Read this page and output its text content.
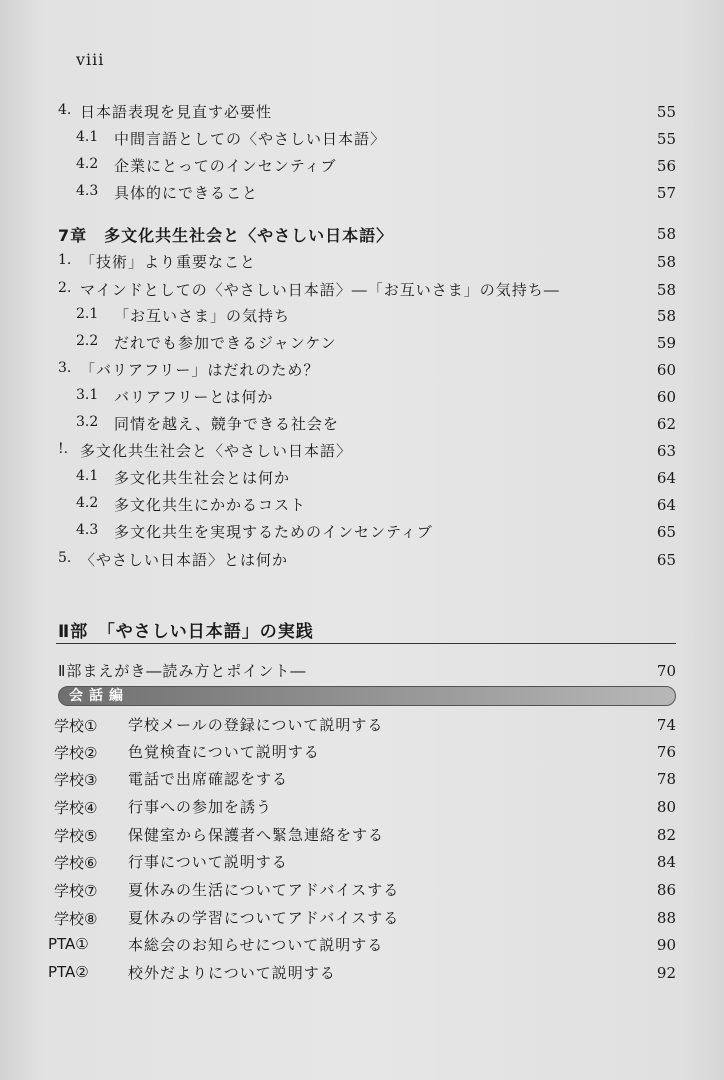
viii
4. 日本語表現を見直す必要性	55
4.1 中間言語としての〈やさしい日本語〉	55
4.2 企業にとってのインセンティブ	56
4.3 具体的にできること	57
7章　多文化共生社会と〈やさしい日本語〉	58
1. 「技術」より重要なこと	58
2. マインドとしての〈やさしい日本語〉―「お互いさま」の気持ち―	58
2.1 「お互いさま」の気持ち	58
2.2 だれでも参加できるジャンケン	59
3. 「バリアフリー」はだれのため？	60
3.1 バリアフリーとは何か	60
3.2 同情を越え、競争できる社会を	62
!. 多文化共生社会と〈やさしい日本語〉	63
4.1 多文化共生社会とは何か	64
4.2 多文化共生にかかるコスト	64
4.3 多文化共生を実現するためのインセンティブ	65
5. 〈やさしい日本語〉とは何か	65
Ⅱ部　「やさしい日本語」の実践
Ⅱ部まえがき―読み方とポイント―	70
会話編
学校① 学校メールの登録について説明する	74
学校② 色覚検査について説明する	76
学校③ 電話で出席確認をする	78
学校④ 行事への参加を誘う	80
学校⑤ 保健室から保護者へ緊急連絡をする	82
学校⑥ 行事について説明する	84
学校⑦ 夏休みの生活についてアドバイスする	86
学校⑧ 夏休みの学習についてアドバイスする	88
PTA①	本総会のお知らせについて説明する	90
PTA②	校外だよりについて説明する	92
